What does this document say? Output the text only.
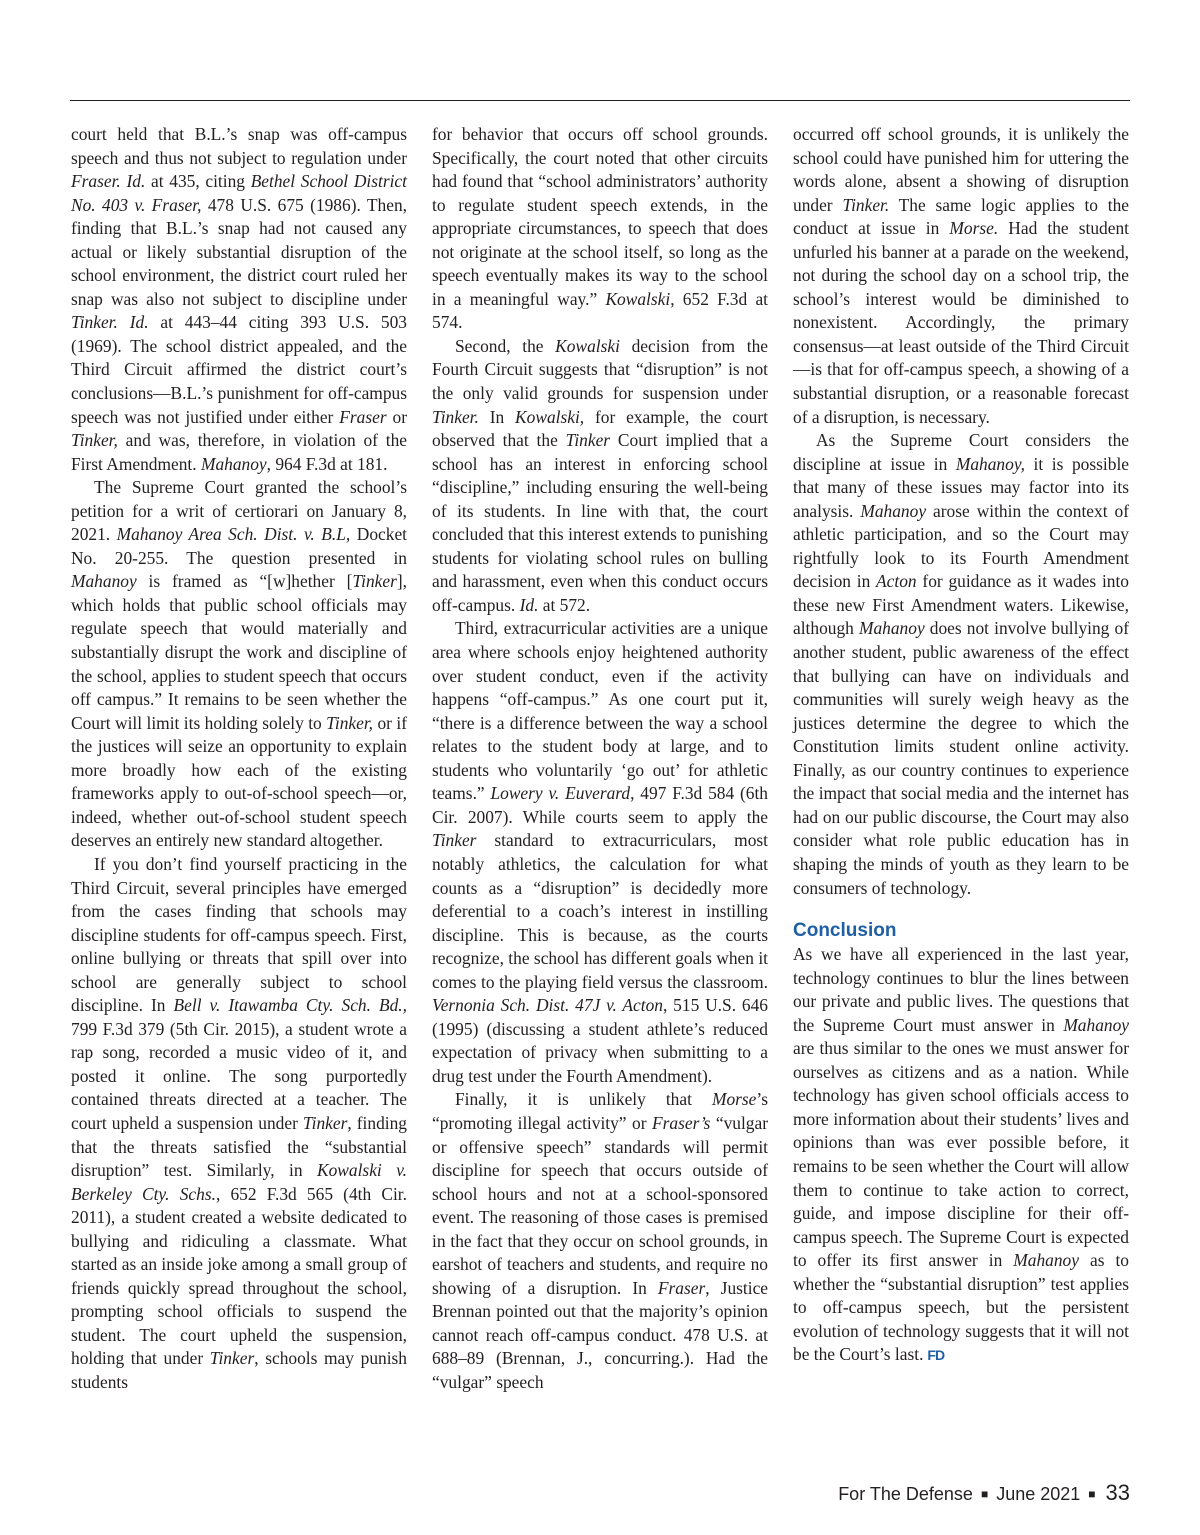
court held that B.L.’s snap was off-campus speech and thus not subject to regulation under Fraser. Id. at 435, citing Bethel School District No. 403 v. Fraser, 478 U.S. 675 (1986). Then, finding that B.L.’s snap had not caused any actual or likely substantial disruption of the school environment, the district court ruled her snap was also not subject to discipline under Tinker. Id. at 443–44 citing 393 U.S. 503 (1969). The school district appealed, and the Third Circuit affirmed the district court’s conclusions—B.L.’s punishment for off-campus speech was not justified under either Fraser or Tinker, and was, therefore, in violation of the First Amendment. Mahanoy, 964 F.3d at 181.

The Supreme Court granted the school’s petition for a writ of certiorari on January 8, 2021. Mahanoy Area Sch. Dist. v. B.L, Docket No. 20-255. The question presented in Mahanoy is framed as “[w]hether [Tinker], which holds that public school officials may regulate speech that would materially and substantially disrupt the work and discipline of the school, applies to student speech that occurs off campus.” It remains to be seen whether the Court will limit its holding solely to Tinker, or if the justices will seize an opportunity to explain more broadly how each of the existing frameworks apply to out-of-school speech—or, indeed, whether out-of-school student speech deserves an entirely new standard altogether.

If you don’t find yourself practicing in the Third Circuit, several principles have emerged from the cases finding that schools may discipline students for off-campus speech. First, online bullying or threats that spill over into school are generally subject to school discipline. In Bell v. Itawamba Cty. Sch. Bd., 799 F.3d 379 (5th Cir. 2015), a student wrote a rap song, recorded a music video of it, and posted it online. The song purportedly contained threats directed at a teacher. The court upheld a suspension under Tinker, finding that the threats satisfied the “substantial disruption” test. Similarly, in Kowalski v. Berkeley Cty. Schs., 652 F.3d 565 (4th Cir. 2011), a student created a website dedicated to bullying and ridiculing a classmate. What started as an inside joke among a small group of friends quickly spread throughout the school, prompting school officials to suspend the student. The court upheld the suspension, holding that under Tinker, schools may punish students

for behavior that occurs off school grounds. Specifically, the court noted that other circuits had found that “school administrators’ authority to regulate student speech extends, in the appropriate circumstances, to speech that does not originate at the school itself, so long as the speech eventually makes its way to the school in a meaningful way.” Kowalski, 652 F.3d at 574.

Second, the Kowalski decision from the Fourth Circuit suggests that “disruption” is not the only valid grounds for suspension under Tinker. In Kowalski, for example, the court observed that the Tinker Court implied that a school has an interest in enforcing school “discipline,” including ensuring the well-being of its students. In line with that, the court concluded that this interest extends to punishing students for violating school rules on bulling and harassment, even when this conduct occurs off-campus. Id. at 572.

Third, extracurricular activities are a unique area where schools enjoy heightened authority over student conduct, even if the activity happens “off-campus.” As one court put it, “there is a difference between the way a school relates to the student body at large, and to students who voluntarily ‘go out’ for athletic teams.” Lowery v. Euverard, 497 F.3d 584 (6th Cir. 2007). While courts seem to apply the Tinker standard to extracurriculars, most notably athletics, the calculation for what counts as a “disruption” is decidedly more deferential to a coach’s interest in instilling discipline. This is because, as the courts recognize, the school has different goals when it comes to the playing field versus the classroom. Vernonia Sch. Dist. 47J v. Acton, 515 U.S. 646 (1995) (discussing a student athlete’s reduced expectation of privacy when submitting to a drug test under the Fourth Amendment).

Finally, it is unlikely that Morse’s “promoting illegal activity” or Fraser’s “vulgar or offensive speech” standards will permit discipline for speech that occurs outside of school hours and not at a school-sponsored event. The reasoning of those cases is premised in the fact that they occur on school grounds, in earshot of teachers and students, and require no showing of a disruption. In Fraser, Justice Brennan pointed out that the majority’s opinion cannot reach off-campus conduct. 478 U.S. at 688–89 (Brennan, J., concurring.). Had the “vulgar” speech

occurred off school grounds, it is unlikely the school could have punished him for uttering the words alone, absent a showing of disruption under Tinker. The same logic applies to the conduct at issue in Morse. Had the student unfurled his banner at a parade on the weekend, not during the school day on a school trip, the school’s interest would be diminished to nonexistent. Accordingly, the primary consensus—at least outside of the Third Circuit—is that for off-campus speech, a showing of a substantial disruption, or a reasonable forecast of a disruption, is necessary.

As the Supreme Court considers the discipline at issue in Mahanoy, it is possible that many of these issues may factor into its analysis. Mahanoy arose within the context of athletic participation, and so the Court may rightfully look to its Fourth Amendment decision in Acton for guidance as it wades into these new First Amendment waters. Likewise, although Mahanoy does not involve bullying of another student, public awareness of the effect that bullying can have on individuals and communities will surely weigh heavy as the justices determine the degree to which the Constitution limits student online activity. Finally, as our country continues to experience the impact that social media and the internet has had on our public discourse, the Court may also consider what role public education has in shaping the minds of youth as they learn to be consumers of technology.

Conclusion

As we have all experienced in the last year, technology continues to blur the lines between our private and public lives. The questions that the Supreme Court must answer in Mahanoy are thus similar to the ones we must answer for ourselves as citizens and as a nation. While technology has given school officials access to more information about their students’ lives and opinions than was ever possible before, it remains to be seen whether the Court will allow them to continue to take action to correct, guide, and impose discipline for their off-campus speech. The Supreme Court is expected to offer its first answer in Mahanoy as to whether the “substantial disruption” test applies to off-campus speech, but the persistent evolution of technology suggests that it will not be the Court’s last. FD

For The Defense ■ June 2021 ■ 33
